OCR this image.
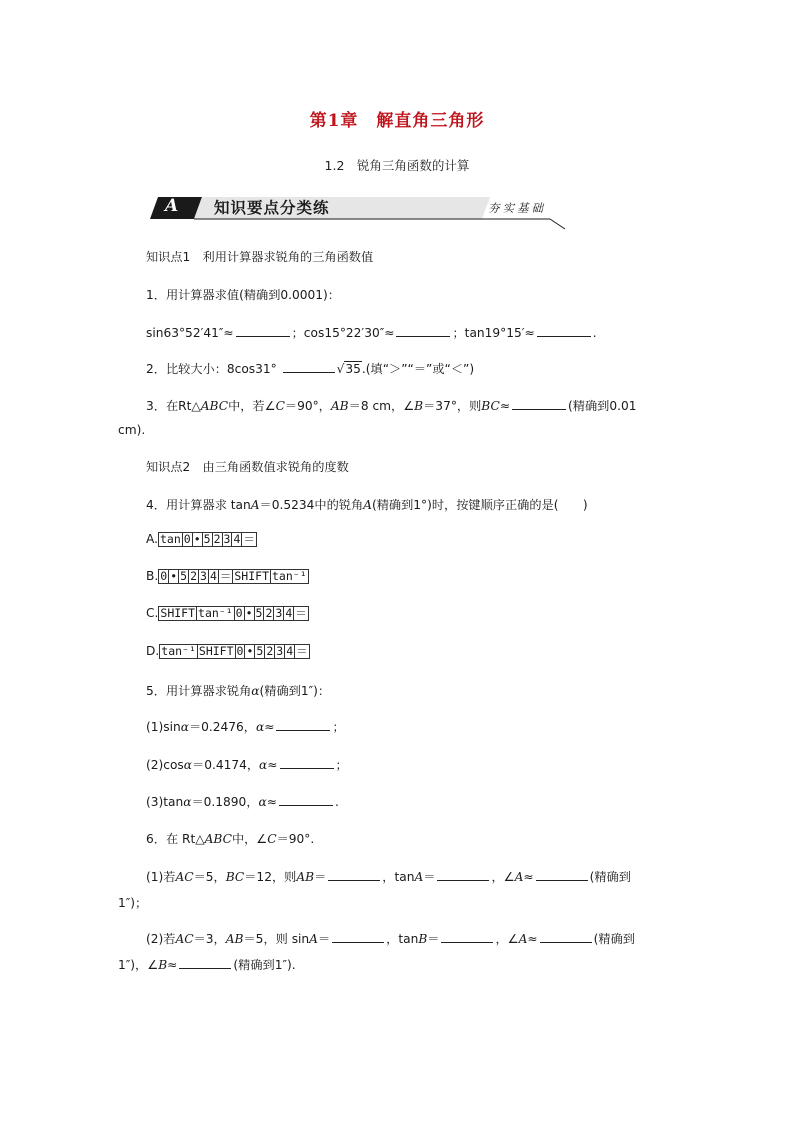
第1章　解直角三角形
1.2　锐角三角函数的计算
A 知识要点分类练	夯实基础
知识点1　利用计算器求锐角的三角函数值
1．用计算器求值(精确到0.0001)：
sin63°52′41″≈	；cos15°22′30″≈	；tan19°15′≈	.
2．比较大小：8cos31°	√35.(填“＞”“＝”或“＜”)
3．在Rt△ABC中，若∠C＝90°，AB＝8 cm，∠B＝37°，则BC≈	(精确到0.01
cm).
知识点2　由三角函数值求锐角的度数
4．用计算器求 tanA＝0.5234中的锐角A(精确到1°)时，按键顺序正确的是(　　)
A. tan 0 • 5 2 3 4 ＝
B. 0 • 5 2 3 4 ＝ SHIFT tan⁻¹
C. SHIFT tan⁻¹ 0 • 5 2 3 4 ＝
D. tan⁻¹ SHIFT 0 • 5 2 3 4 ＝
5．用计算器求锐角α(精确到1″)：
(1)sinα＝0.2476，α≈	；
(2)cosα＝0.4174，α≈	；
(3)tanα＝0.1890，α≈	.
6．在 Rt△ABC中，∠C＝90°.
(1)若AC＝5，BC＝12，则AB＝	，tanA＝	，∠A≈	(精确到
1″)；
(2)若AC＝3，AB＝5，则 sinA＝	，tanB＝	，∠A≈	(精确到
1″)，∠B≈	(精确到1″).
